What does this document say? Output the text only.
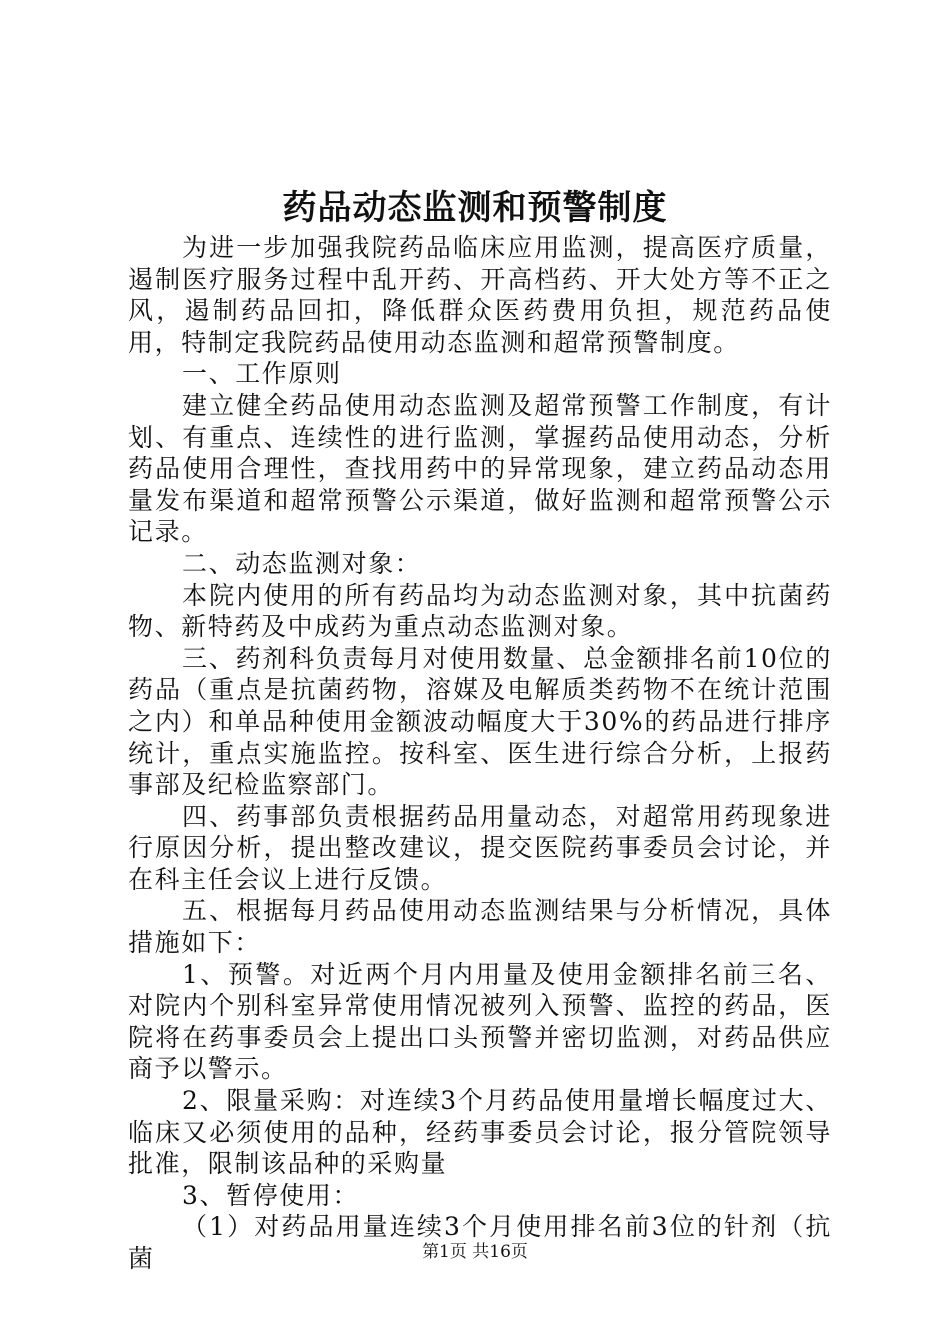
药品动态监测和预警制度

为进一步加强我院药品临床应用监测，提高医疗质量，遏制医疗服务过程中乱开药、开高档药、开大处方等不正之风，遏制药品回扣，降低群众医药费用负担，规范药品使用，特制定我院药品使用动态监测和超常预警制度。

一、工作原则

建立健全药品使用动态监测及超常预警工作制度，有计划、有重点、连续性的进行监测，掌握药品使用动态，分析药品使用合理性，查找用药中的异常现象，建立药品动态用量发布渠道和超常预警公示渠道，做好监测和超常预警公示记录。

二、动态监测对象：

本院内使用的所有药品均为动态监测对象，其中抗菌药物、新特药及中成药为重点动态监测对象。

三、药剂科负责每月对使用数量、总金额排名前10位的药品（重点是抗菌药物，溶媒及电解质类药物不在统计范围之内）和单品种使用金额波动幅度大于30%的药品进行排序统计，重点实施监控。按科室、医生进行综合分析，上报药事部及纪检监察部门。

四、药事部负责根据药品用量动态，对超常用药现象进行原因分析，提出整改建议，提交医院药事委员会讨论，并在科主任会议上进行反馈。

五、根据每月药品使用动态监测结果与分析情况，具体措施如下：

1、预警。对近两个月内用量及使用金额排名前三名、对院内个别科室异常使用情况被列入预警、监控的药品，医院将在药事委员会上提出口头预警并密切监测，对药品供应商予以警示。

2、限量采购：对连续3个月药品使用量增长幅度过大、临床又必须使用的品种，经药事委员会讨论，报分管院领导批准，限制该品种的采购量

3、暂停使用：

（1）对药品用量连续3个月使用排名前3位的针剂（抗菌	第1页 共16页
